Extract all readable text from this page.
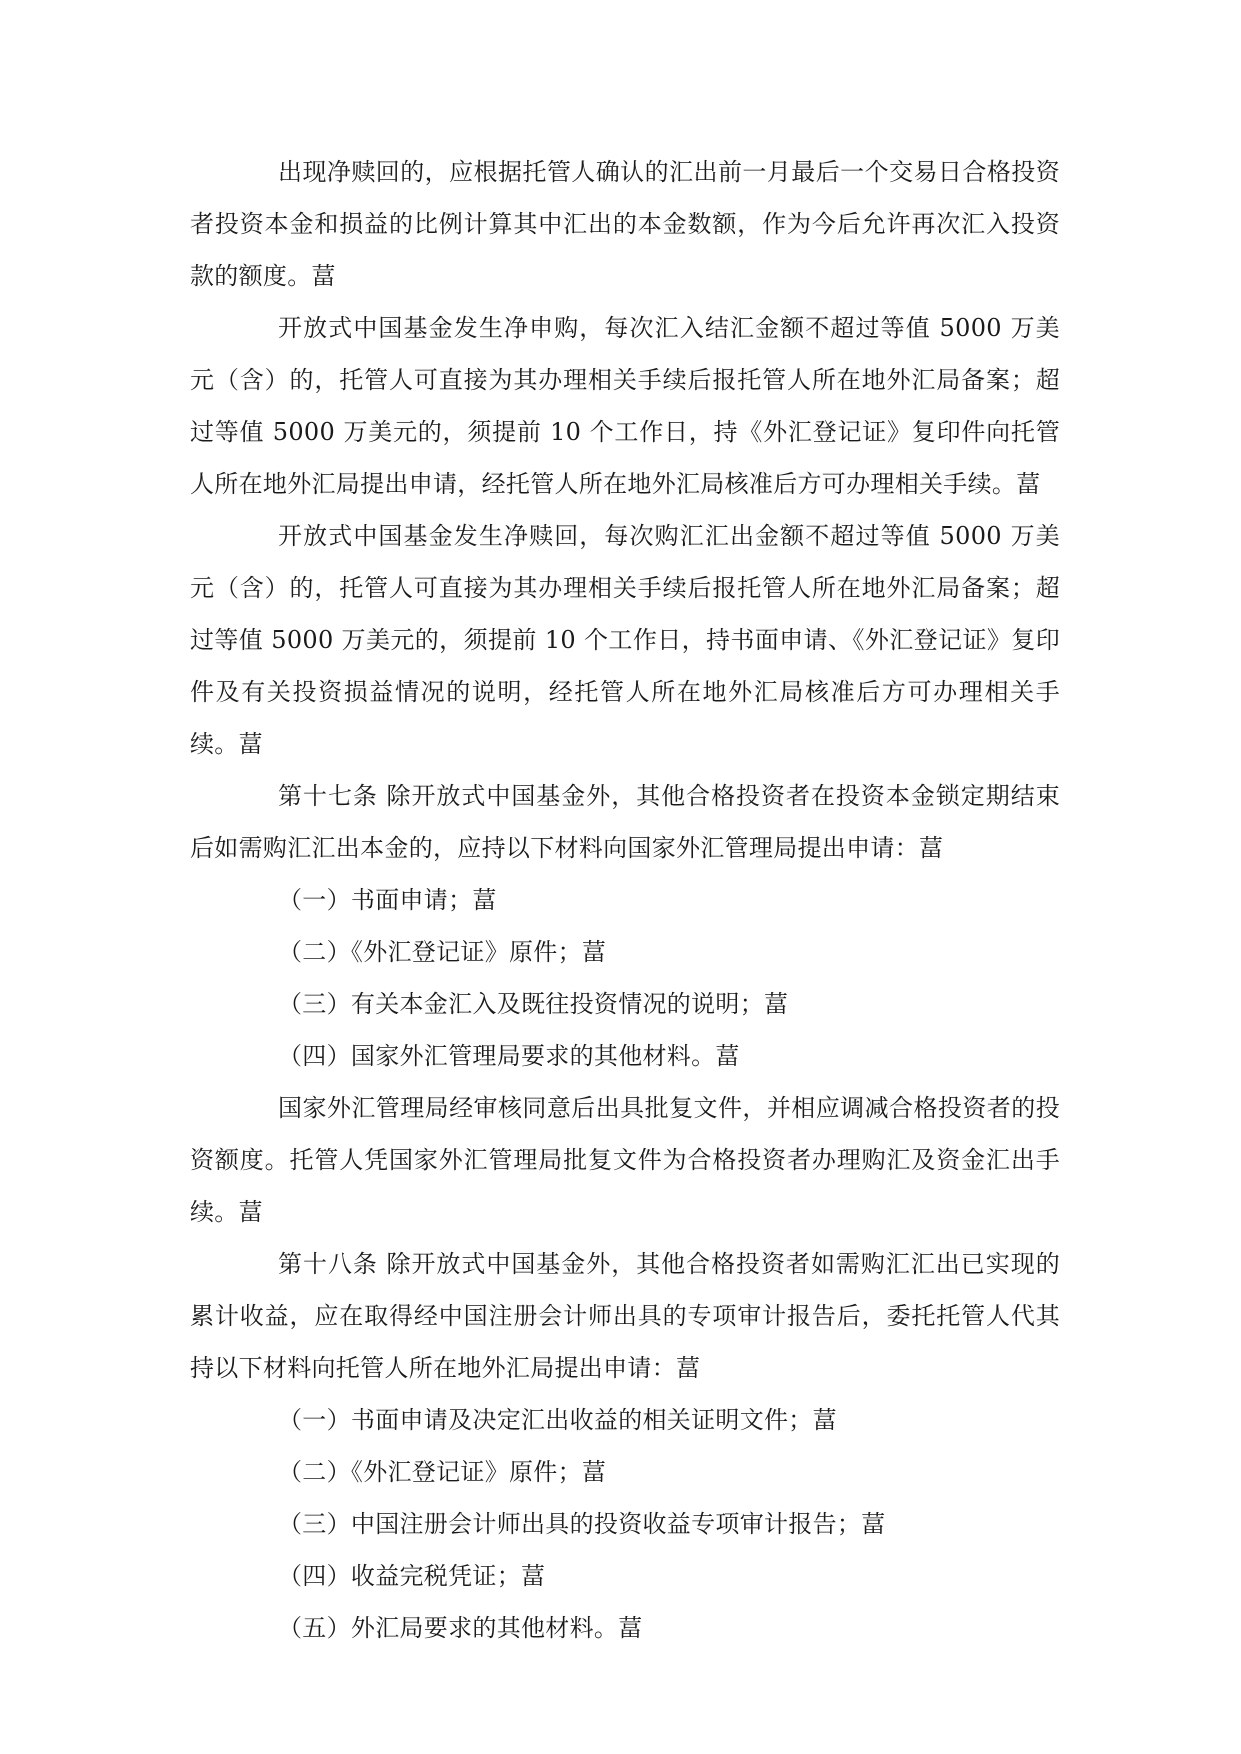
出现净赎回的，应根据托管人确认的汇出前一月最后一个交易日合格投资者投资本金和损益的比例计算其中汇出的本金数额，作为今后允许再次汇入投资款的额度。葍

开放式中国基金发生净申购，每次汇入结汇金额不超过等值 5000 万美元（含）的，托管人可直接为其办理相关手续后报托管人所在地外汇局备案；超过等值 5000 万美元的，须提前 10 个工作日，持《外汇登记证》复印件向托管人所在地外汇局提出申请，经托管人所在地外汇局核准后方可办理相关手续。葍

开放式中国基金发生净赎回，每次购汇汇出金额不超过等值 5000 万美元（含）的，托管人可直接为其办理相关手续后报托管人所在地外汇局备案；超过等值 5000 万美元的，须提前 10 个工作日，持书面申请、《外汇登记证》复印件及有关投资损益情况的说明，经托管人所在地外汇局核准后方可办理相关手续。葍

第十七条 除开放式中国基金外，其他合格投资者在投资本金锁定期结束后如需购汇汇出本金的，应持以下材料向国家外汇管理局提出申请：葍

（一）书面申请；葍

（二）《外汇登记证》原件；葍

（三）有关本金汇入及既往投资情况的说明；葍

（四）国家外汇管理局要求的其他材料。葍

国家外汇管理局经审核同意后出具批复文件，并相应调减合格投资者的投资额度。托管人凭国家外汇管理局批复文件为合格投资者办理购汇及资金汇出手续。葍

第十八条 除开放式中国基金外，其他合格投资者如需购汇汇出已实现的累计收益，应在取得经中国注册会计师出具的专项审计报告后，委托托管人代其持以下材料向托管人所在地外汇局提出申请：葍

（一）书面申请及决定汇出收益的相关证明文件；葍

（二）《外汇登记证》原件；葍

（三）中国注册会计师出具的投资收益专项审计报告；葍

（四）收益完税凭证；葍

（五）外汇局要求的其他材料。葍
